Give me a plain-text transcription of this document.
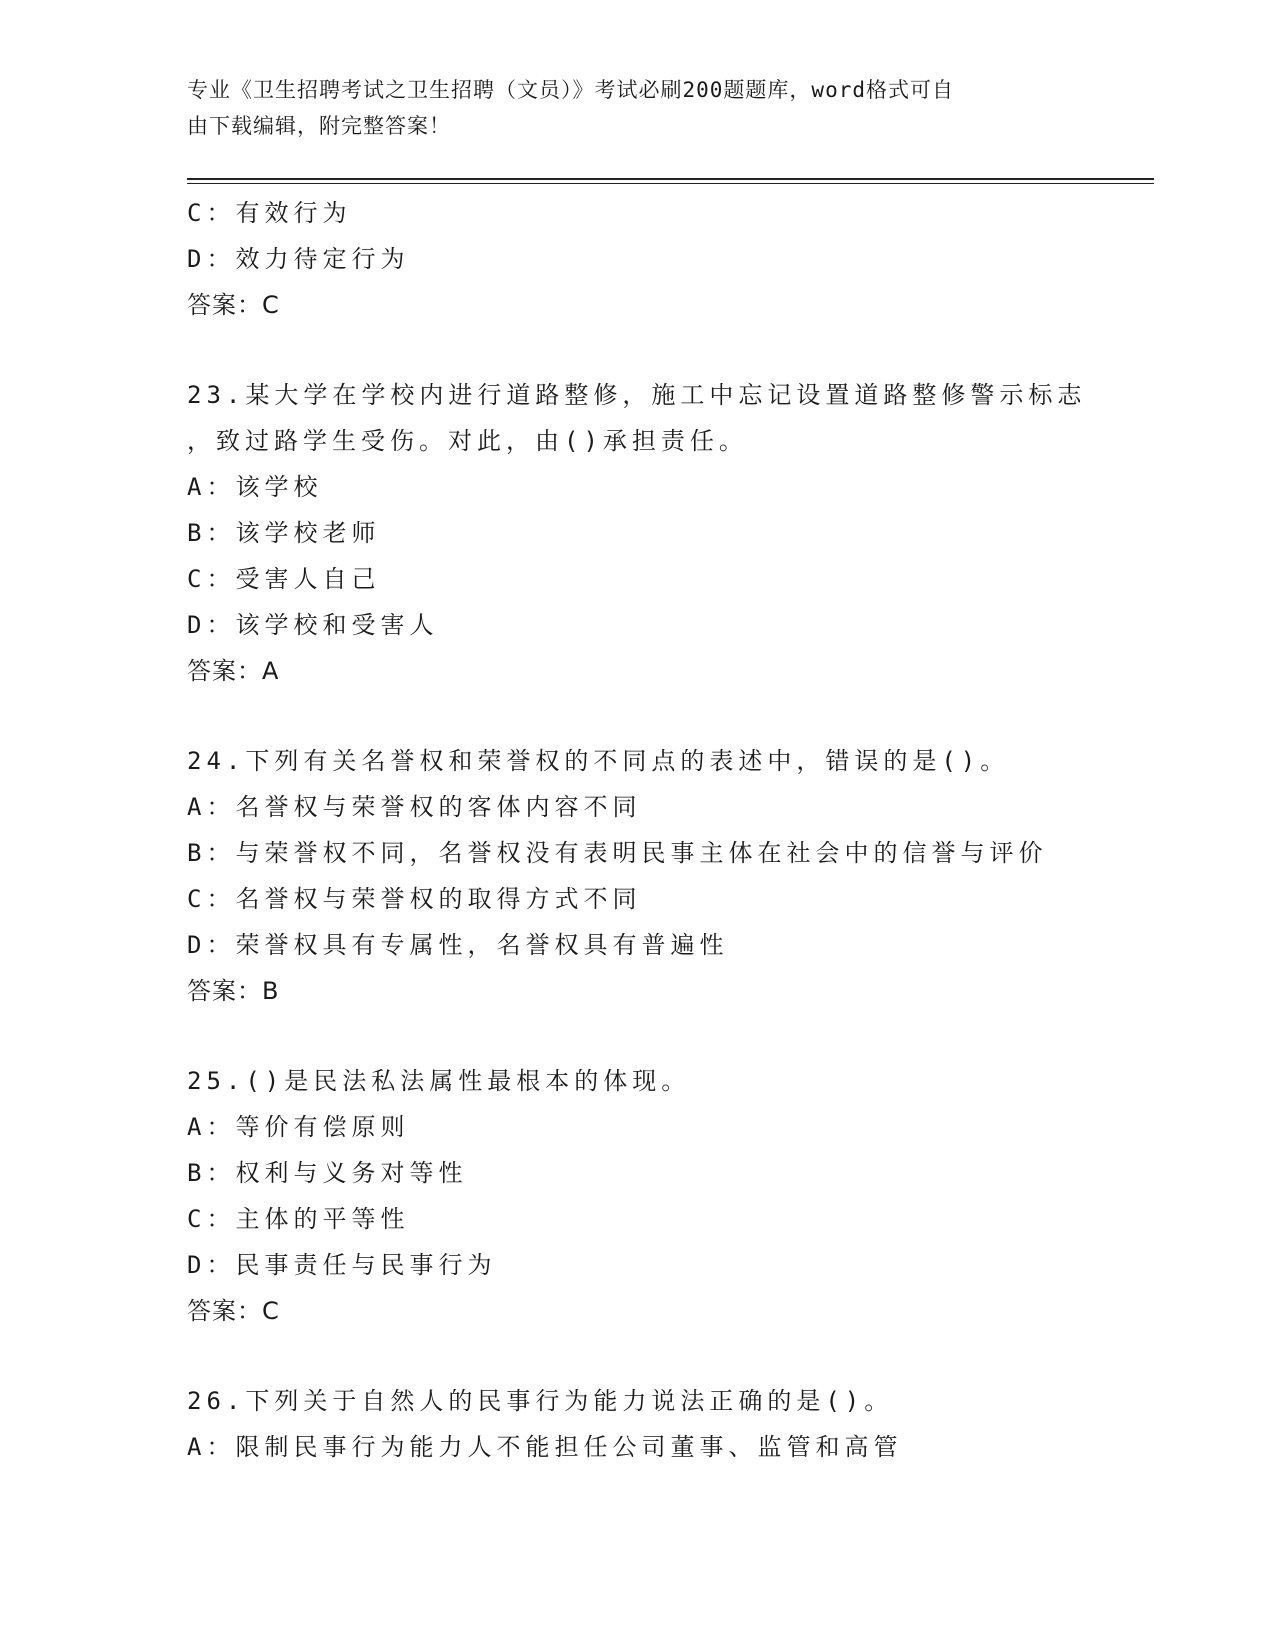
专业《卫生招聘考试之卫生招聘（文员）》考试必刷200题题库，word格式可自
由下载编辑，附完整答案！
C：有效行为
D：效力待定行为
答案：C
23.某大学在学校内进行道路整修，施工中忘记设置道路整修警示标志
，致过路学生受伤。对此，由()承担责任。
A：该学校
B：该学校老师
C：受害人自己
D：该学校和受害人
答案：A
24.下列有关名誉权和荣誉权的不同点的表述中，错误的是()。
A：名誉权与荣誉权的客体内容不同
B：与荣誉权不同，名誉权没有表明民事主体在社会中的信誉与评价
C：名誉权与荣誉权的取得方式不同
D：荣誉权具有专属性，名誉权具有普遍性
答案：B
25.()是民法私法属性最根本的体现。
A：等价有偿原则
B：权利与义务对等性
C：主体的平等性
D：民事责任与民事行为
答案：C
26.下列关于自然人的民事行为能力说法正确的是()。
A：限制民事行为能力人不能担任公司董事、监管和高管
